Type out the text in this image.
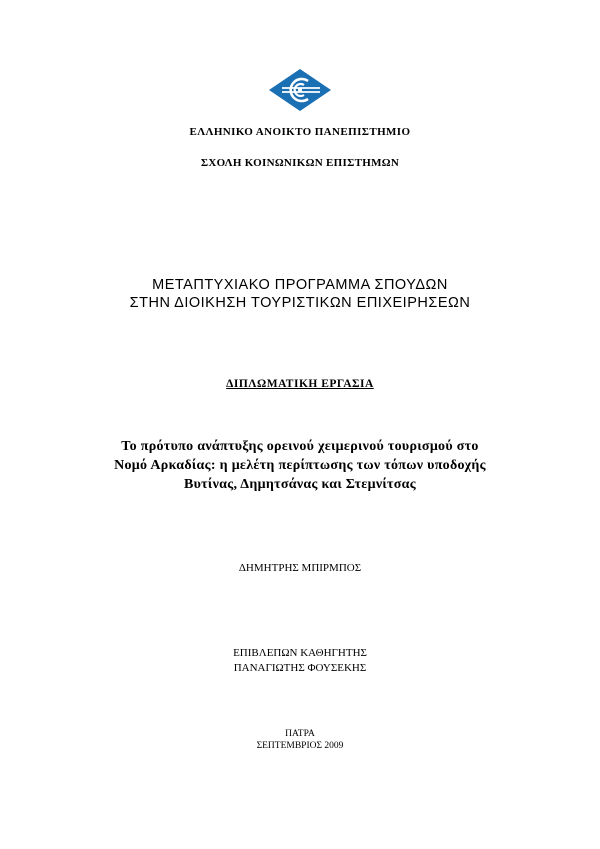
ΕΛΛΗΝΙΚΟ ΑΝΟΙΚΤΟ ΠΑΝΕΠΙΣΤΗΜΙΟ
ΣΧΟΛΗ ΚΟΙΝΩΝΙΚΩΝ ΕΠΙΣΤΗΜΩΝ
ΜΕΤΑΠΤΥΧΙΑΚΟ ΠΡΟΓΡΑΜΜΑ ΣΠΟΥΔΩΝ
ΣΤΗΝ ΔΙΟΙΚΗΣΗ ΤΟΥΡΙΣΤΙΚΩΝ ΕΠΙΧΕΙΡΗΣΕΩΝ
ΔΙΠΛΩΜΑΤΙΚΗ ΕΡΓΑΣΙΑ
Το πρότυπο ανάπτυξης ορεινού χειμερινού τουρισμού στο
Νομό Αρκαδίας: η μελέτη περίπτωσης των τόπων υποδοχής
Βυτίνας, Δημητσάνας και Στεμνίτσας
ΔΗΜΗΤΡΗΣ ΜΠΙΡΜΠΟΣ
ΕΠΙΒΛΕΠΩΝ ΚΑΘΗΓΗΤΗΣ
ΠΑΝΑΓΙΩΤΗΣ ΦΟΥΣΕΚΗΣ
ΠΑΤΡΑ
ΣΕΠΤΕΜΒΡΙΟΣ 2009
